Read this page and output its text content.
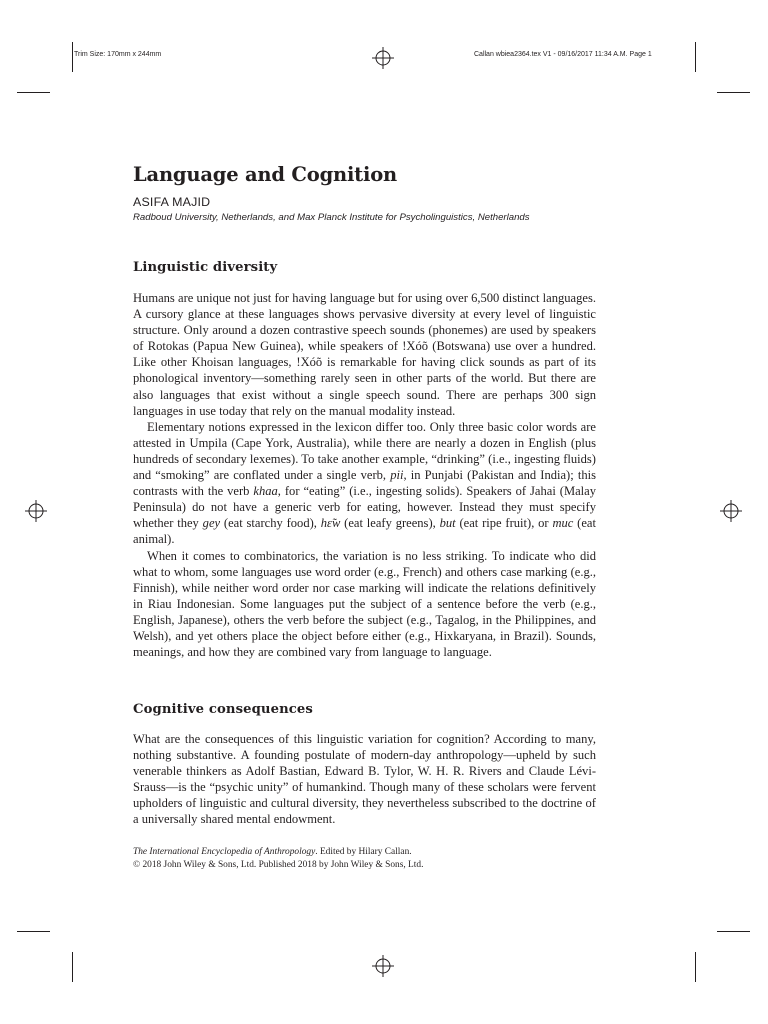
Trim Size: 170mm x 244mm	Callan wbiea2364.tex V1 - 09/16/2017 11:34 A.M. Page 1
Language and Cognition
ASIFA MAJID
Radboud University, Netherlands, and Max Planck Institute for Psycholinguistics, Netherlands
Linguistic diversity

Humans are unique not just for having language but for using over 6,500 distinct languages. A cursory glance at these languages shows pervasive diversity at every level of linguistic structure. Only around a dozen contrastive speech sounds (phonemes) are used by speakers of Rotokas (Papua New Guinea), while speakers of !Xóõ (Botswana) use over a hundred. Like other Khoisan languages, !Xóõ is remarkable for having click sounds as part of its phonological inventory—something rarely seen in other parts of the world. But there are also languages that exist without a single speech sound. There are perhaps 300 sign languages in use today that rely on the manual modality instead.

Elementary notions expressed in the lexicon differ too. Only three basic color words are attested in Umpila (Cape York, Australia), while there are nearly a dozen in English (plus hundreds of secondary lexemes). To take another example, “drinking” (i.e., ingesting fluids) and “smoking” are conflated under a single verb, pii, in Punjabi (Pakistan and India); this contrasts with the verb khaa, for “eating” (i.e., ingesting solids). Speakers of Jahai (Malay Peninsula) do not have a generic verb for eating, however. Instead they must specify whether they gey (eat starchy food), hɛ̃w (eat leafy greens), but (eat ripe fruit), or muc (eat animal).

When it comes to combinatorics, the variation is no less striking. To indicate who did what to whom, some languages use word order (e.g., French) and others case marking (e.g., Finnish), while neither word order nor case marking will indicate the relations definitively in Riau Indonesian. Some languages put the subject of a sentence before the verb (e.g., English, Japanese), others the verb before the subject (e.g., Tagalog, in the Philippines, and Welsh), and yet others place the object before either (e.g., Hixkaryana, in Brazil). Sounds, meanings, and how they are combined vary from language to language.

Cognitive consequences

What are the consequences of this linguistic variation for cognition? According to many, nothing substantive. A founding postulate of modern-day anthropology—upheld by such venerable thinkers as Adolf Bastian, Edward B. Tylor, W. H. R. Rivers and Claude Lévi-Srauss—is the “psychic unity” of humankind. Though many of these scholars were fervent upholders of linguistic and cultural diversity, they nevertheless subscribed to the doctrine of a universally shared mental endowment.

The International Encyclopedia of Anthropology. Edited by Hilary Callan.
© 2018 John Wiley & Sons, Ltd. Published 2018 by John Wiley & Sons, Ltd.
